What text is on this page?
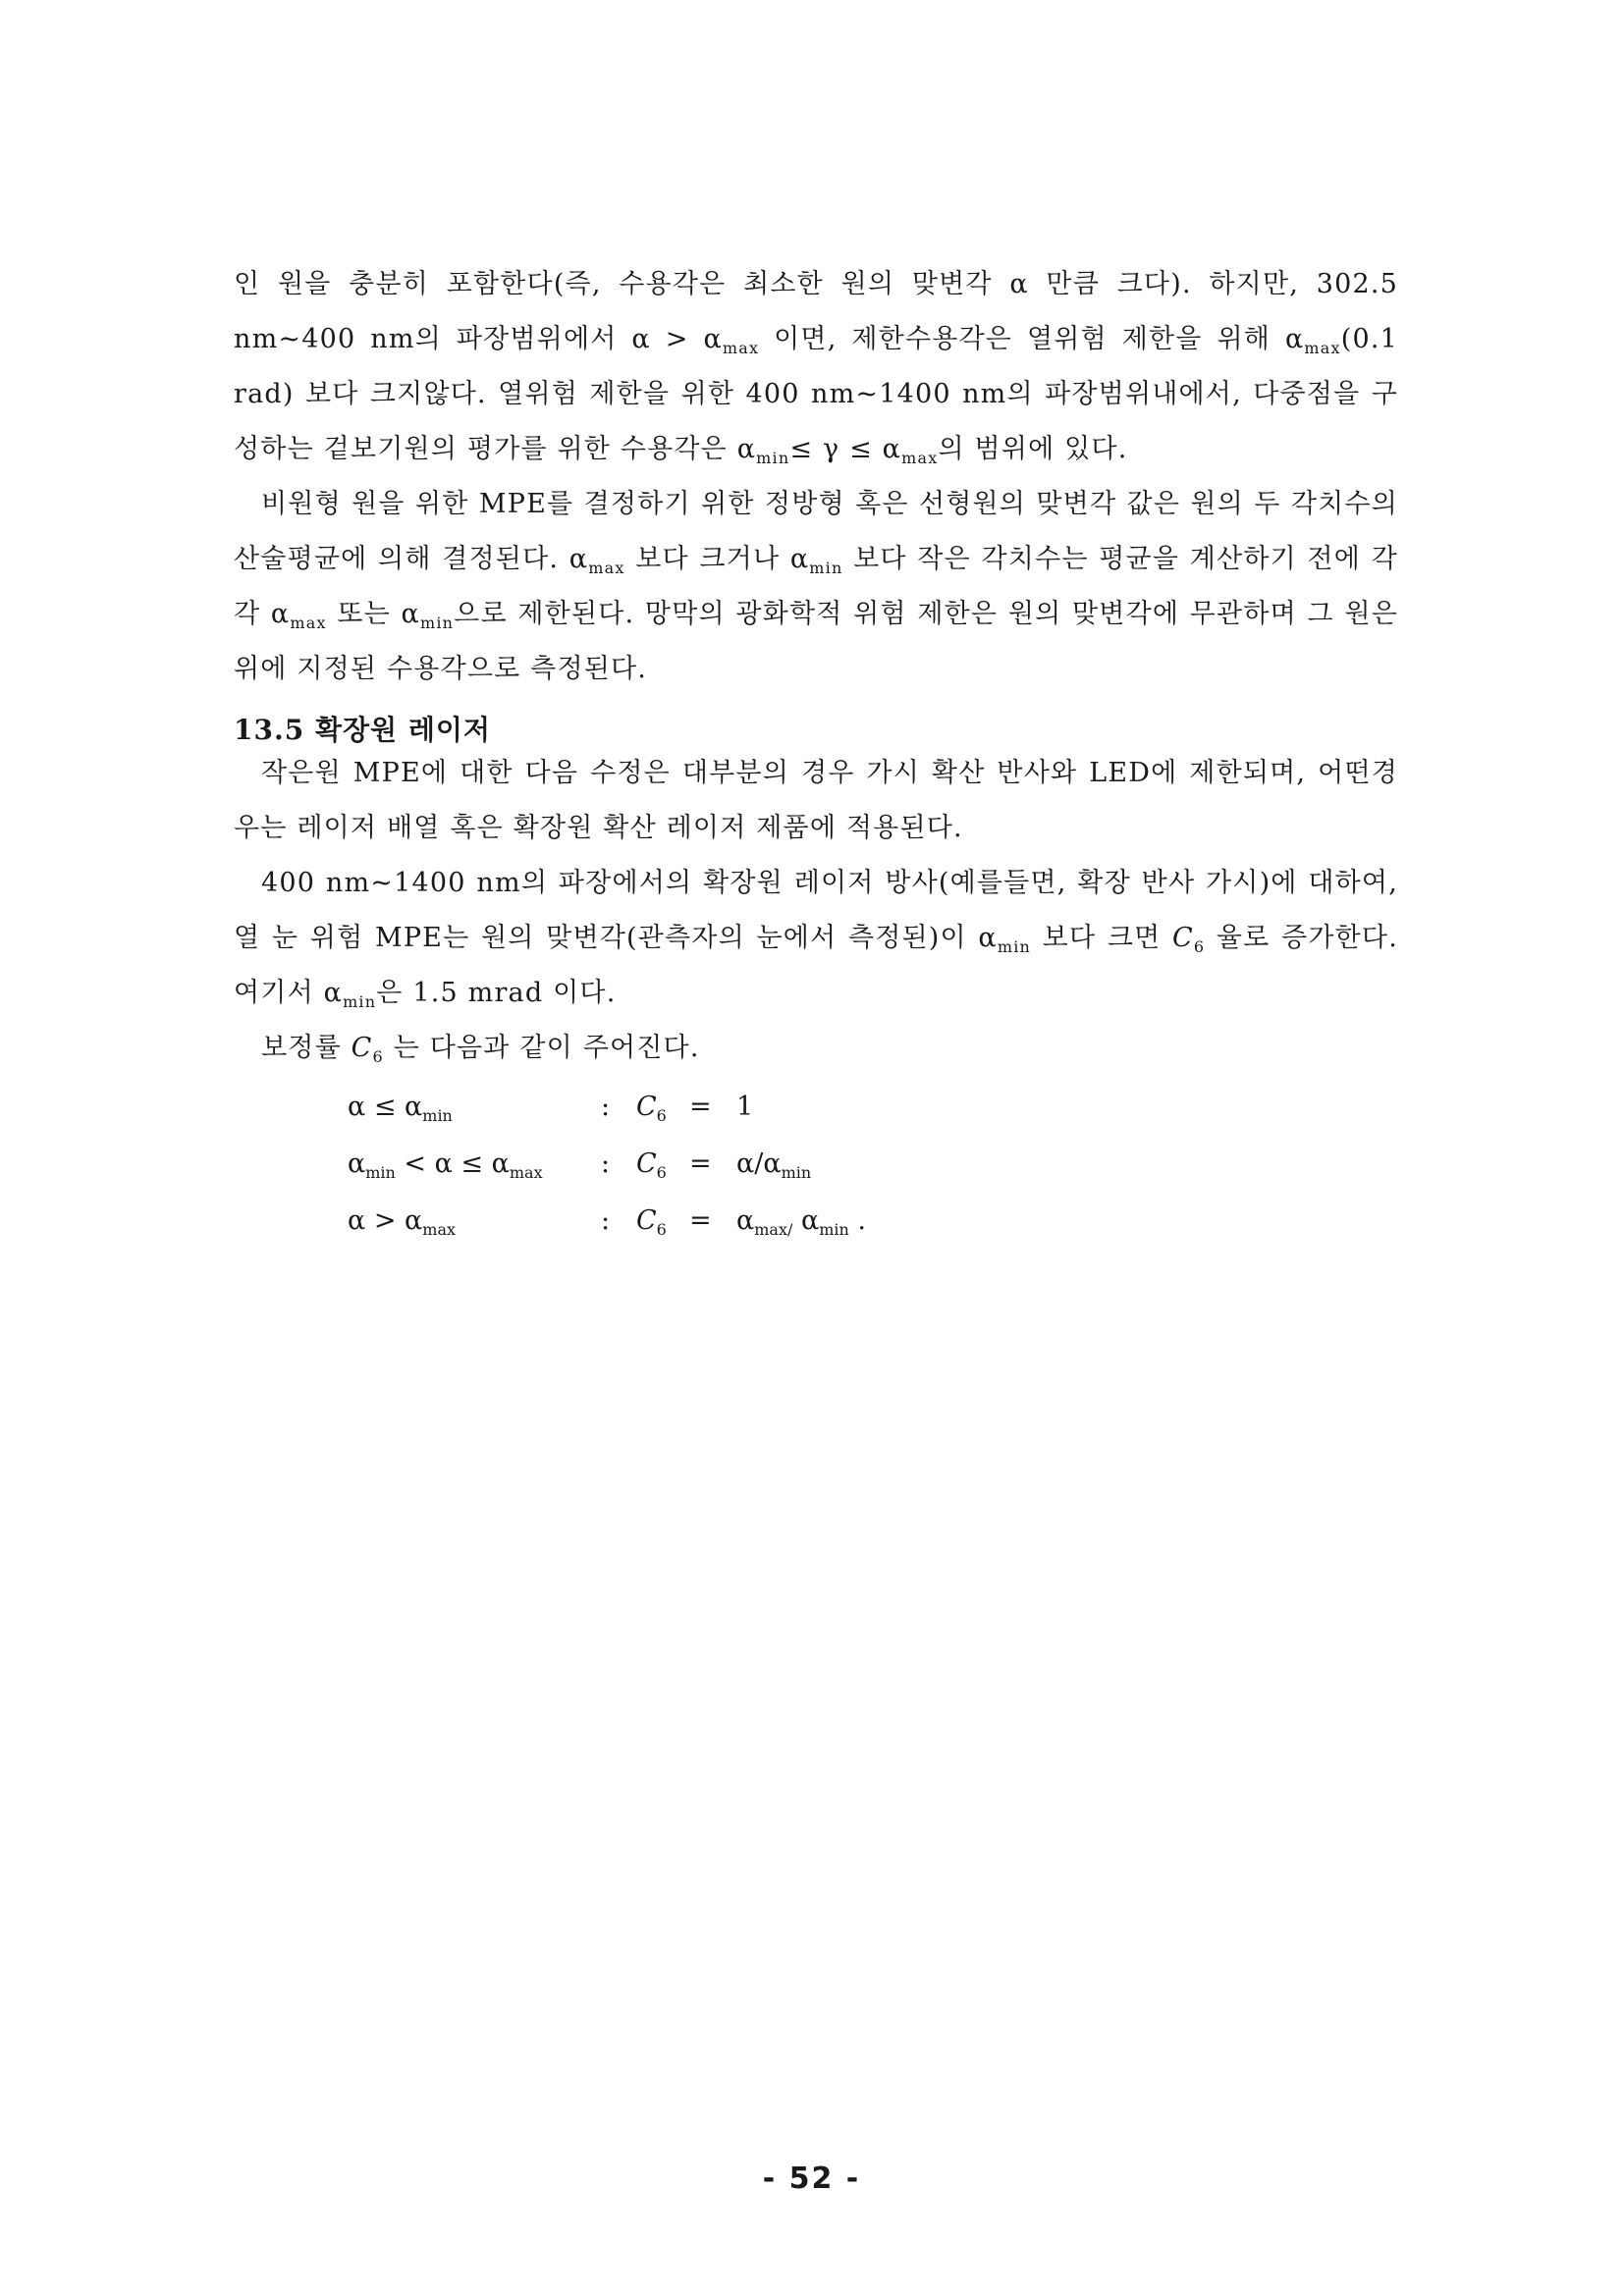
인 원을 충분히 포함한다(즉, 수용각은 최소한 원의 맞변각 α 만큼 크다). 하지만, 302.5 nm~400 nm의 파장범위에서 $\alpha > \alpha_{max}$ 이면, 제한수용각은 열위험 제한을 위해 $\alpha_{max}(0.1$ rad) 보다 크지않다. 열위험 제한을 위한 400 nm~1400 nm의 파장범위내에서, 다중점을 구성하는 겉보기원의 평가를 위한 수용각은 $\alpha_{min}\le \gamma \le \alpha_{max}$의 범위에 있다.

비원형 원을 위한 MPE를 결정하기 위한 정방형 혹은 선형원의 맞변각 값은 원의 두 각치수의 산술평균에 의해 결정된다. $\alpha_{max}$ 보다 크거나 $\alpha_{min}$ 보다 작은 각치수는 평균을 계산하기 전에 각각 $\alpha_{max}$ 또는 $\alpha_{min}$으로 제한된다. 망막의 광화학적 위험 제한은 원의 맞변각에 무관하며 그 원은 위에 지정된 수용각으로 측정된다.

13.5 확장원 레이저

작은원 MPE에 대한 다음 수정은 대부분의 경우 가시 확산 반사와 LED에 제한되며, 어떤경우는 레이저 배열 혹은 확장원 확산 레이저 제품에 적용된다.

400 nm~1400 nm의 파장에서의 확장원 레이저 방사(예를들면, 확장 반사 가시)에 대하여, 열 눈 위험 MPE는 원의 맞변각(관측자의 눈에서 측정된)이 $\alpha_{min}$ 보다 크면 $C_6$ 율로 증가한다. 여기서 $\alpha_{min}$은 1.5 mrad 이다.

보정률 $C_6$ 는 다음과 같이 주어진다.

$\alpha \le \alpha_{min}$	: $C_6 = 1$
$\alpha_{min} < \alpha \le \alpha_{max}$ : $C_6 = \alpha/\alpha_{min}$
$\alpha > \alpha_{max}$	: $C_6 = \alpha_{max/}$ $\alpha_{min}$ .
- 52 -
